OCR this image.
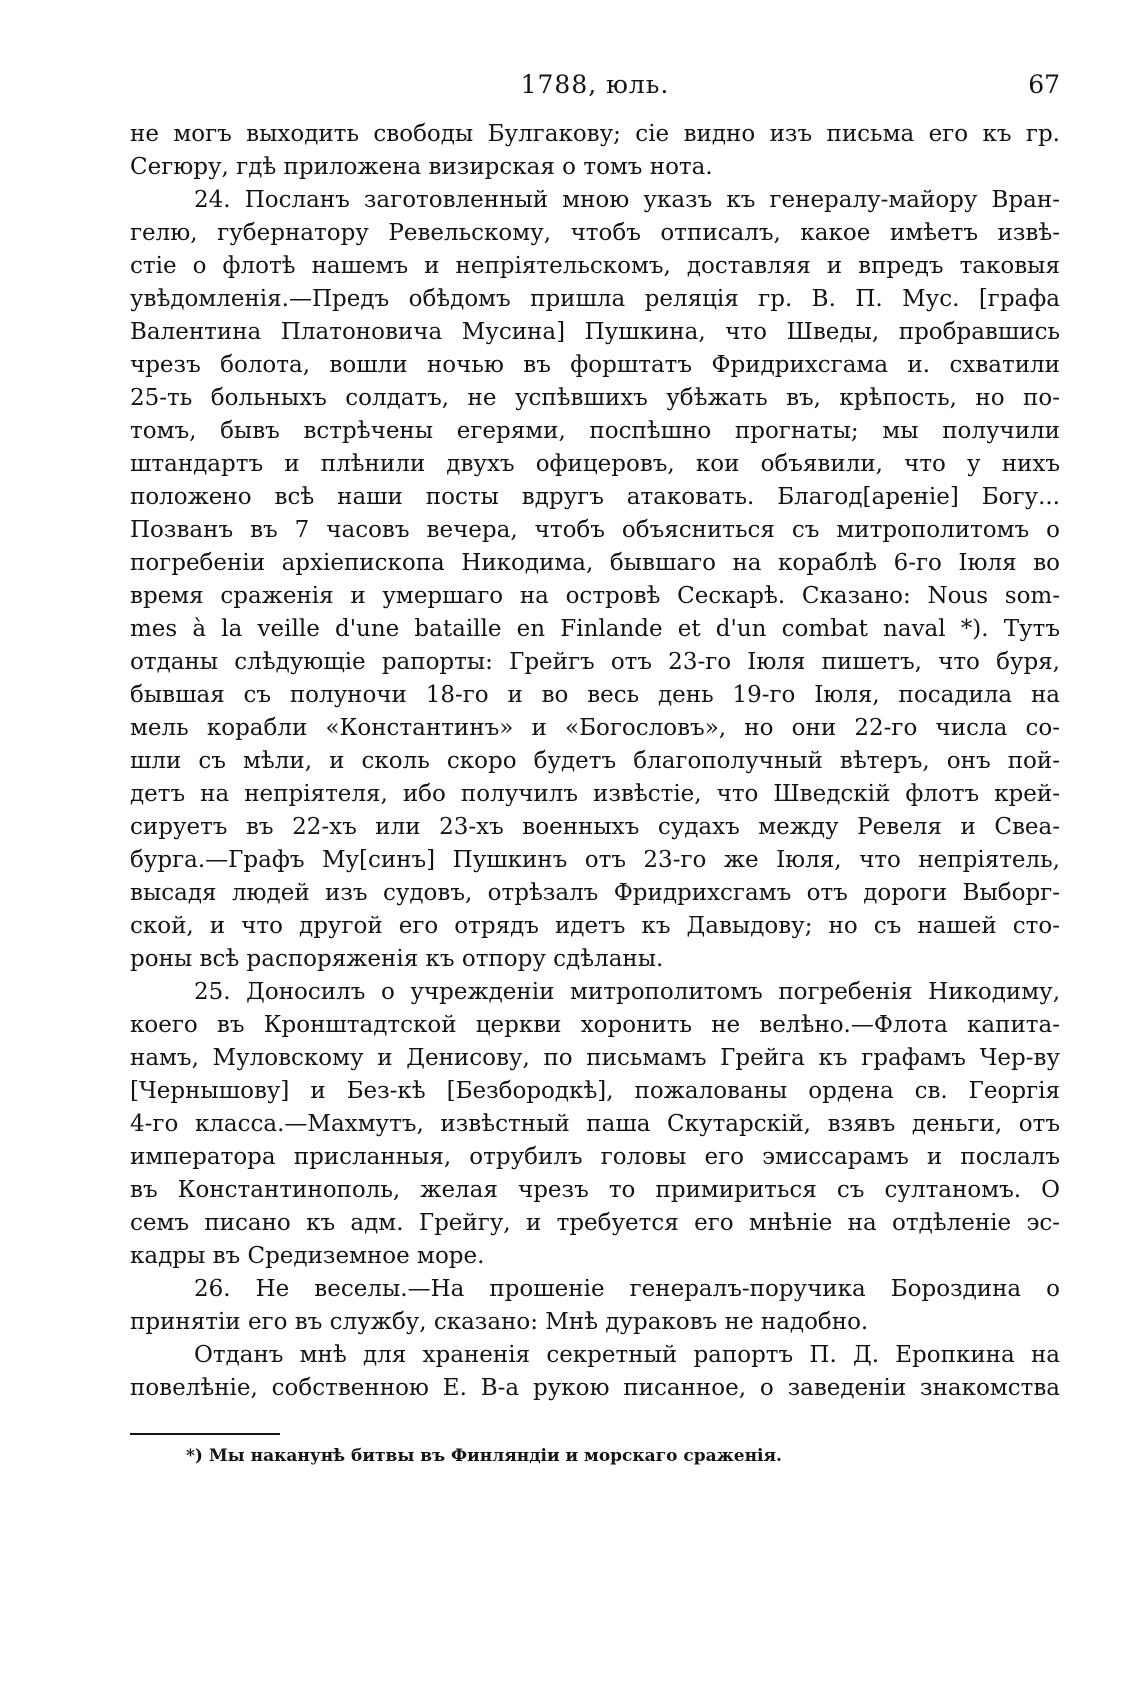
1788, юль.	67
не могъ выходить свободы Булгакову; сіе видно изъ письма его къ гр.
Сегюру, гдѣ приложена визирская о томъ нота.
24. Посланъ заготовленный мною указъ къ генералу-майору Вран-
гелю, губернатору Ревельскому, чтобъ отписалъ, какое имѣетъ извѣ-
стіе о флотѣ нашемъ и непріятельскомъ, доставляя и впредъ таковыя
увѣдомленія.—Предъ обѣдомъ пришла реляція гр. В. П. Мус. [графа
Валентина Платоновича Мусина] Пушкина, что Шведы, пробравшись
чрезъ болота, вошли ночью въ форштатъ Фридрихсгама и. схватили
25-ть больныхъ солдатъ, не успѣвшихъ убѣжать въ, крѣпость, но по-
томъ, бывъ встрѣчены егерями, поспѣшно прогнаты; мы получили
штандартъ и плѣнили двухъ офицеровъ, кои объявили, что у нихъ
положено всѣ наши посты вдругъ атаковать. Благод[ареніе] Богу...
Позванъ въ 7 часовъ вечера, чтобъ объясниться съ митрополитомъ о
погребеніи архіепископа Никодима, бывшаго на кораблѣ 6-го Іюля во
время сраженія и умершаго на островѣ Сескарѣ. Сказано: Nous som-
mes à la veille d'une bataille en Finlande et d'un combat naval *). Тутъ
отданы слѣдующіе рапорты: Грейгъ отъ 23-го Іюля пишетъ, что буря,
бывшая съ полуночи 18-го и во весь день 19-го Іюля, посадила на
мель корабли «Константинъ» и «Богословъ», но они 22-го числа со-
шли съ мѣли, и сколь скоро будетъ благополучный вѣтеръ, онъ пой-
детъ на непріятеля, ибо получилъ извѣстіе, что Шведскій флотъ крей-
сируетъ въ 22-хъ или 23-хъ военныхъ судахъ между Ревеля и Свеа-
бурга.—Графъ Му[синъ] Пушкинъ отъ 23-го же Іюля, что непріятель,
высадя людей изъ судовъ, отрѣзалъ Фридрихсгамъ отъ дороги Выборг-
ской, и что другой его отрядъ идетъ къ Давыдову; но съ нашей сто-
роны всѣ распоряженія къ отпору сдѣланы.
25. Доносилъ о учрежденіи митрополитомъ погребенія Никодиму,
коего въ Кронштадтской церкви хоронить не велѣно.—Флота капита-
намъ, Муловскому и Денисову, по письмамъ Грейга къ графамъ Чер-ву
[Чернышову] и Без-кѣ [Безбородкѣ], пожалованы ордена св. Георгія
4-го класса.—Махмутъ, извѣстный паша Скутарскій, взявъ деньги, отъ
императора присланныя, отрубилъ головы его эмиссарамъ и послалъ
въ Константинополь, желая чрезъ то примириться съ султаномъ. О
семъ писано къ адм. Грейгу, и требуется его мнѣніе на отдѣленіе эс-
кадры въ Средиземное море.
26. Не веселы.—На прошеніе генералъ-поручика Бороздина о
принятіи его въ службу, сказано: Мнѣ дураковъ не надобно.
Отданъ мнѣ для храненія секретный рапортъ П. Д. Еропкина на
повелѣніе, собственною Е. В-а рукою писанное, о заведеніи знакомства
*) Мы наканунѣ битвы въ Финляндіи и морскаго сраженія.
